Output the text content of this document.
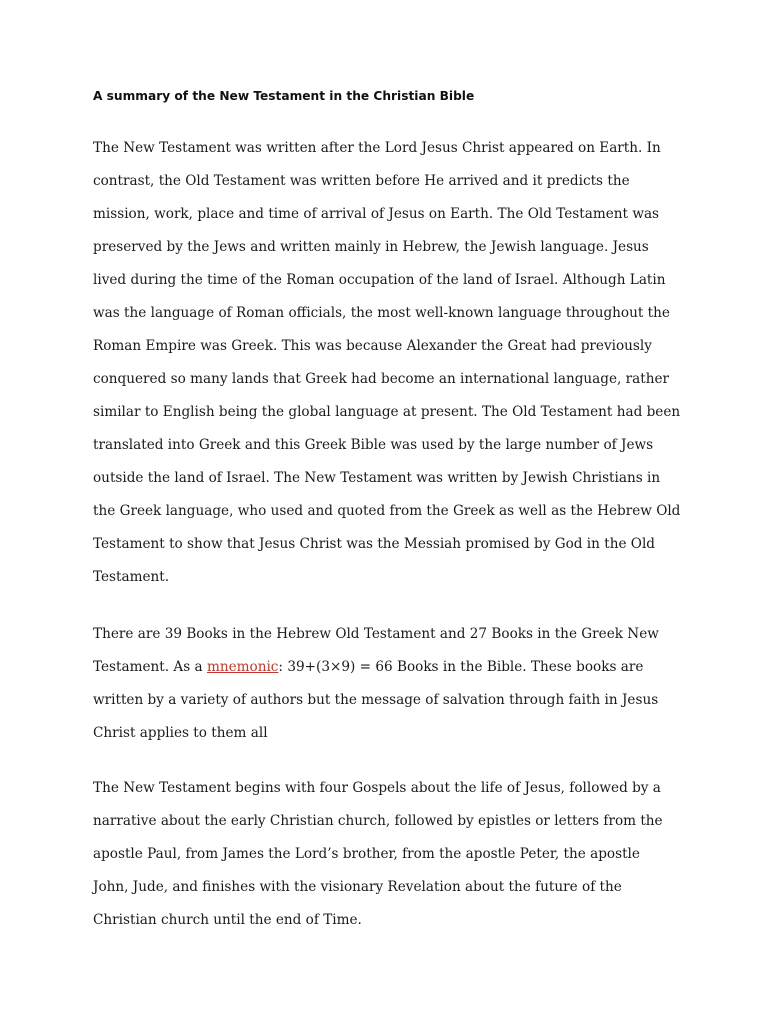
A summary of the New Testament in the Christian Bible

The New Testament was written after the Lord Jesus Christ appeared on Earth. In
contrast, the Old Testament was written before He arrived and it predicts the
mission, work, place and time of arrival of Jesus on Earth. The Old Testament was
preserved by the Jews and written mainly in Hebrew, the Jewish language. Jesus
lived during the time of the Roman occupation of the land of Israel. Although Latin
was the language of Roman officials, the most well-known language throughout the
Roman Empire was Greek. This was because Alexander the Great had previously
conquered so many lands that Greek had become an international language, rather
similar to English being the global language at present. The Old Testament had been
translated into Greek and this Greek Bible was used by the large number of Jews
outside the land of Israel. The New Testament was written by Jewish Christians in
the Greek language, who used and quoted from the Greek as well as the Hebrew Old
Testament to show that Jesus Christ was the Messiah promised by God in the Old
Testament.

There are 39 Books in the Hebrew Old Testament and 27 Books in the Greek New
Testament. As a mnemonic: 39+(3×9) = 66 Books in the Bible. These books are
written by a variety of authors but the message of salvation through faith in Jesus
Christ applies to them all

The New Testament begins with four Gospels about the life of Jesus, followed by a
narrative about the early Christian church, followed by epistles or letters from the
apostle Paul, from James the Lord’s brother, from the apostle Peter, the apostle
John, Jude, and finishes with the visionary Revelation about the future of the
Christian church until the end of Time.
